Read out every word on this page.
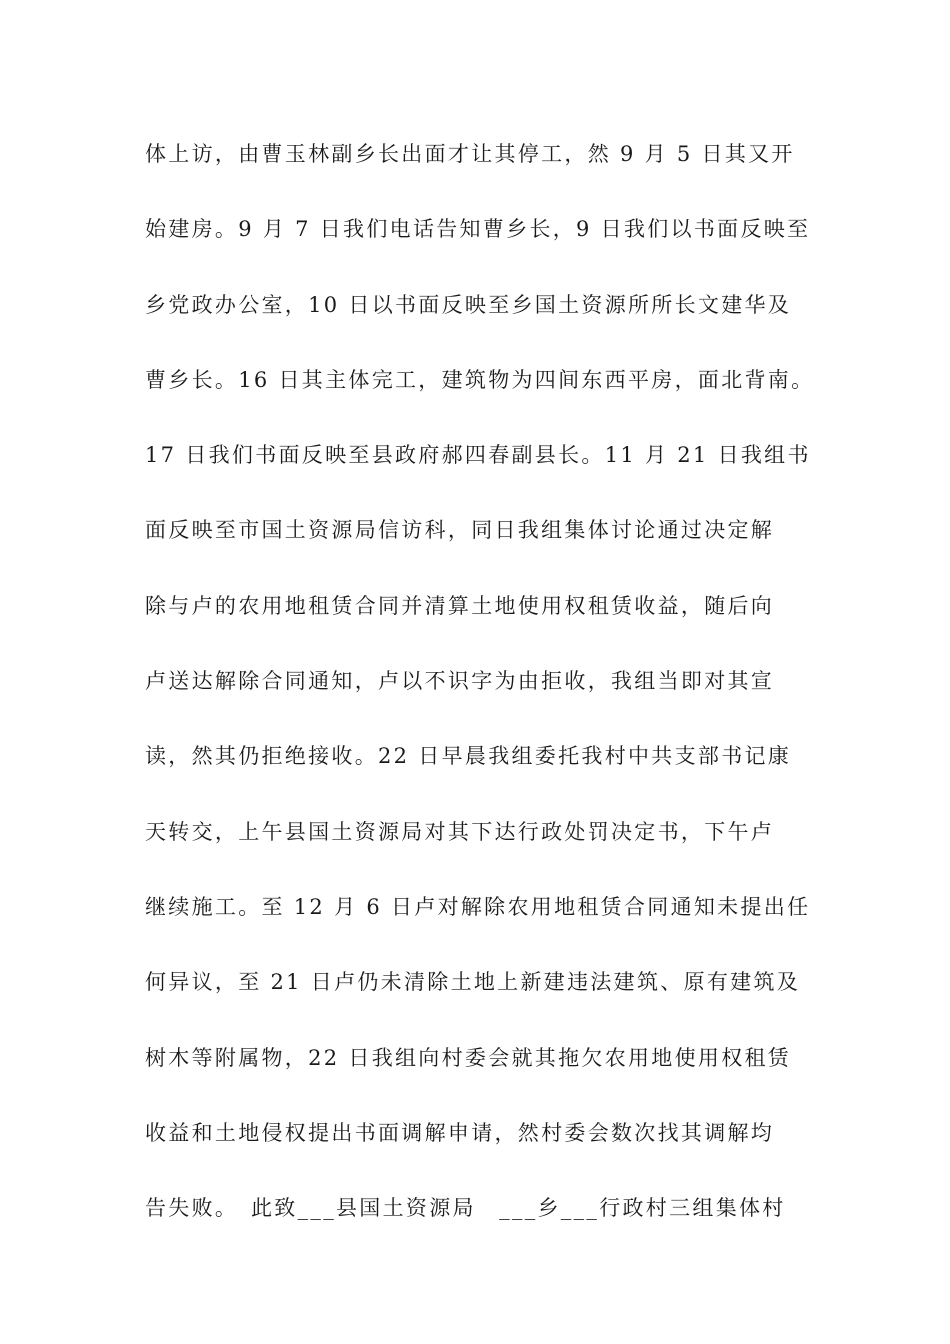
体上访，由曹玉林副乡长出面才让其停工，然 9 月 5 日其又开
始建房。9 月 7 日我们电话告知曹乡长，9 日我们以书面反映至
乡党政办公室，10 日以书面反映至乡国土资源所所长文建华及
曹乡长。16 日其主体完工，建筑物为四间东西平房，面北背南。
17 日我们书面反映至县政府郝四春副县长。11 月 21 日我组书
面反映至市国土资源局信访科，同日我组集体讨论通过决定解
除与卢的农用地租赁合同并清算土地使用权租赁收益，随后向
卢送达解除合同通知，卢以不识字为由拒收，我组当即对其宣
读，然其仍拒绝接收。22 日早晨我组委托我村中共支部书记康
天转交，上午县国土资源局对其下达行政处罚决定书，下午卢
继续施工。至 12 月 6 日卢对解除农用地租赁合同通知未提出任
何异议，至 21 日卢仍未清除土地上新建违法建筑、原有建筑及
树木等附属物，22 日我组向村委会就其拖欠农用地使用权租赁
收益和土地侵权提出书面调解申请，然村委会数次找其调解均
告失败。　此致___县国土资源局　___乡___行政村三组集体村
